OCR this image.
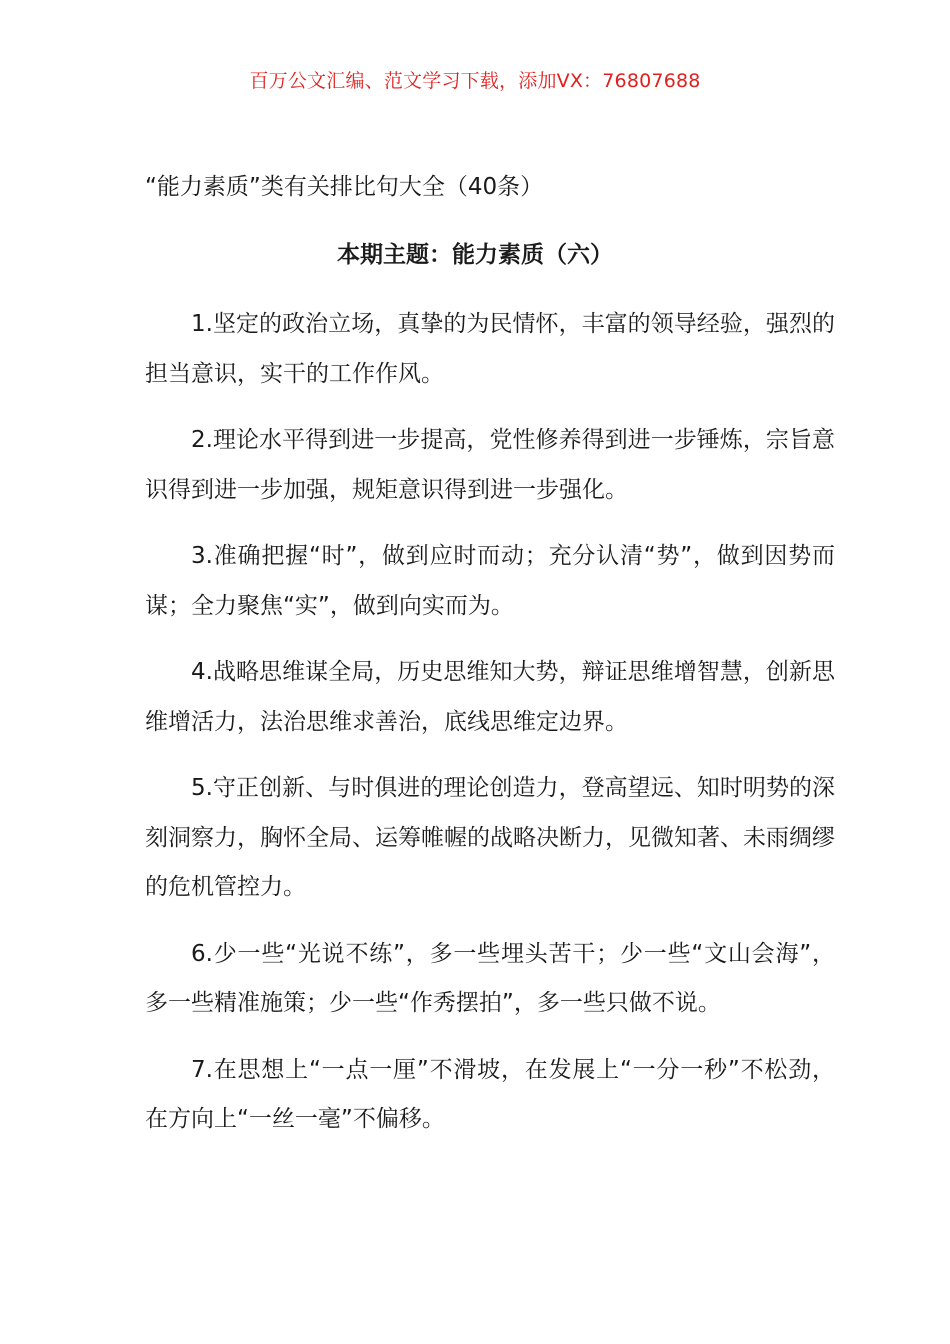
百万公文汇编、范文学习下载，添加VX：76807688

“能力素质”类有关排比句大全（40条）
本期主题：能力素质（六）
1.坚定的政治立场，真挚的为民情怀，丰富的领导经验，强烈的担当意识，实干的工作作风。
2.理论水平得到进一步提高，党性修养得到进一步锤炼，宗旨意识得到进一步加强，规矩意识得到进一步强化。
3.准确把握“时”，做到应时而动；充分认清“势”，做到因势而谋；全力聚焦“实”，做到向实而为。
4.战略思维谋全局，历史思维知大势，辩证思维增智慧，创新思维增活力，法治思维求善治，底线思维定边界。
5.守正创新、与时俱进的理论创造力，登高望远、知时明势的深刻洞察力，胸怀全局、运筹帷幄的战略决断力，见微知著、未雨绸缪的危机管控力。
6.少一些“光说不练”，多一些埋头苦干；少一些“文山会海”，多一些精准施策；少一些“作秀摆拍”，多一些只做不说。
7.在思想上“一点一厘”不滑坡，在发展上“一分一秒”不松劲，在方向上“一丝一毫”不偏移。
